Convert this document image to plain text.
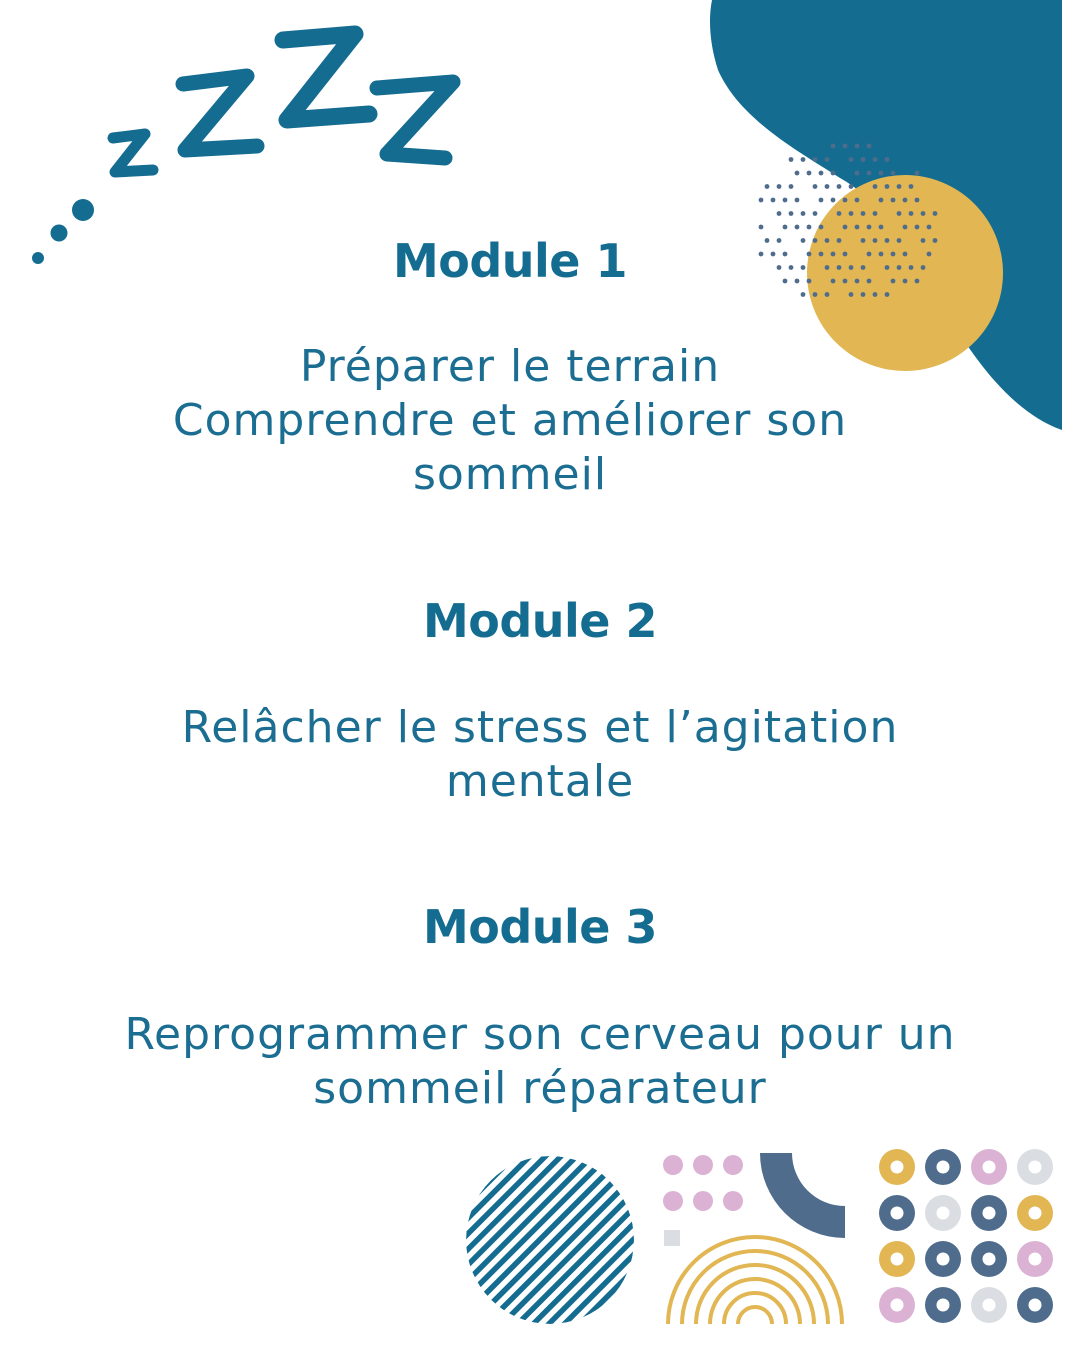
Module 1

Préparer le terrain
Comprendre et améliorer son
sommeil

Module 2

Relâcher le stress et l’agitation
mentale

Module 3

Reprogrammer son cerveau pour un
sommeil réparateur
